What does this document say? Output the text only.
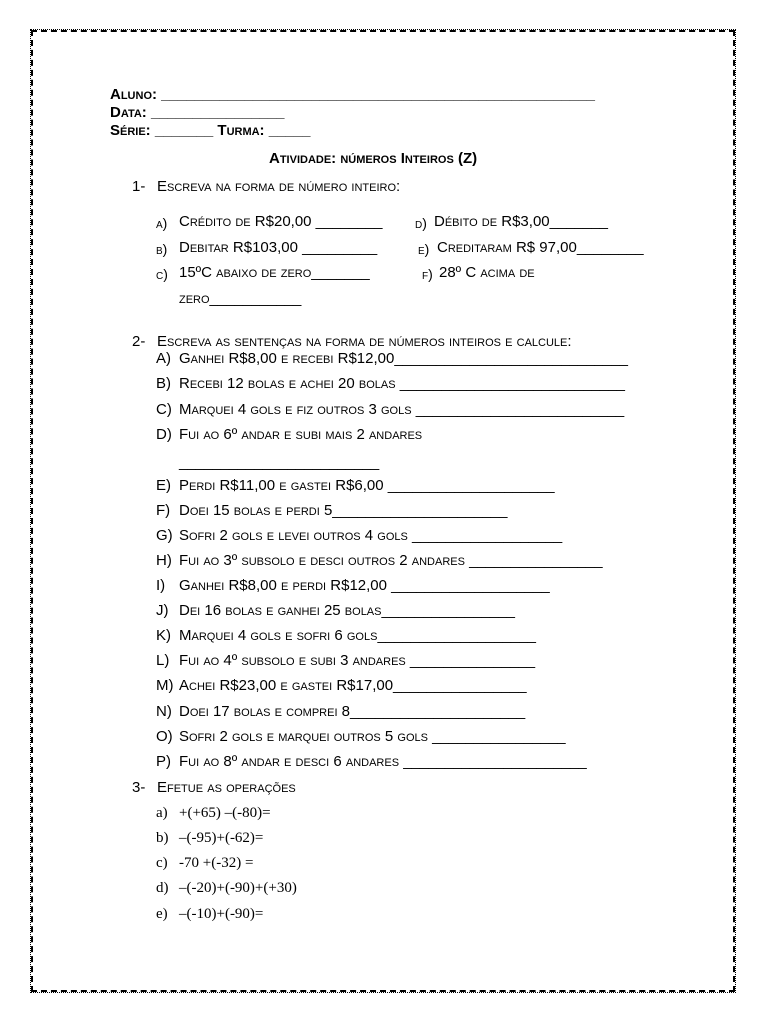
Aluno: ____________________________________________________
Data: ________________
Série: _______ Turma: _____
Atividade: números Inteiros (Z)
1- Escreva na forma de número inteiro:
a) Crédito de R$20,00 ________ d) Débito de R$3,00_______
b) Debitar R$103,00 _________	e) Creditaram R$ 97,00________
c) 15ºC abaixo de zero_______	f) 28º C acima de
zero___________
2- Escreva as sentenças na forma de números inteiros e calcule:
A) Ganhei R$8,00 e recebi R$12,00____________________________
B) Recebi 12 bolas e achei 20 bolas ___________________________
C) Marquei 4 gols e fiz outros 3 gols _________________________
D) Fui ao 6º andar e subi mais 2 andares
________________________
E) Perdi R$11,00 e gastei R$6,00 ____________________
F) Doei 15 bolas e perdi 5_____________________
G) Sofri 2 gols e levei outros 4 gols __________________
H) Fui ao 3º subsolo e desci outros 2 andares ________________
I) Ganhei R$8,00 e perdi R$12,00 ___________________
J) Dei 16 bolas e ganhei 25 bolas________________
K) Marquei 4 gols e sofri 6 gols___________________
L) Fui ao 4º subsolo e subi 3 andares _______________
M) Achei R$23,00 e gastei R$17,00________________
N) Doei 17 bolas e comprei 8_____________________
O) Sofri 2 gols e marquei outros 5 gols ________________
P) Fui ao 8º andar e desci 6 andares ______________________
3- Efetue as operações
a) +(+65) –(-80)=
b) –(-95)+(-62)=
c) -70 +(-32) =
d) –(-20)+(-90)+(+30)
e) –(-10)+(-90)=
